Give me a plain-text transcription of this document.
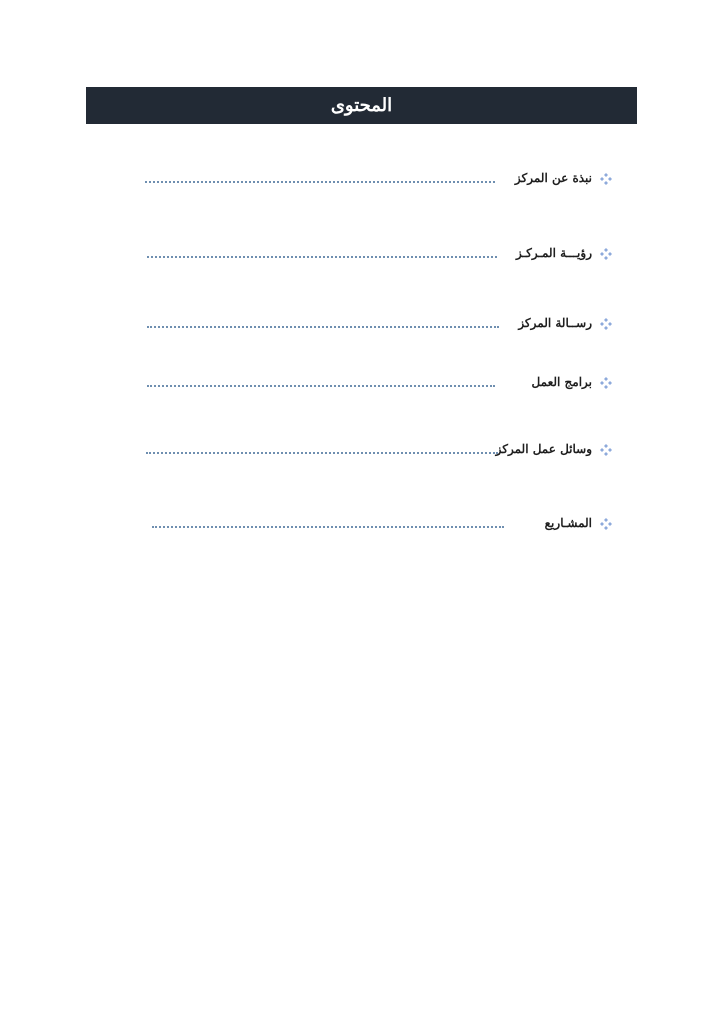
المحتوى
نبذة عن المركز
رؤيـــة المـركـز
رســالة المركز
برامج العمل
وسائل عمل المركز
المشـاريع
